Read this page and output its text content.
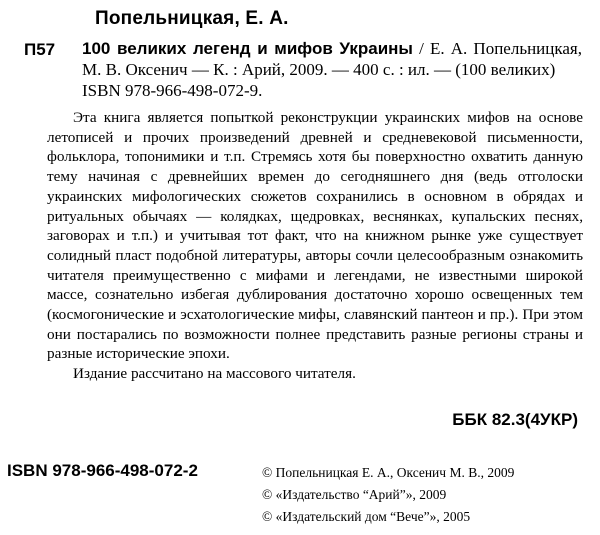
Попельницкая, Е. А.
П57 100 великих легенд и мифов Украины / Е. А. Попельницкая, М. В. Оксенич — К. : Арий, 2009. — 400 с. : ил. — (100 великих)
ISBN 978-966-498-072-9.

Эта книга является попыткой реконструкции украинских мифов на основе летописей и прочих произведений древней и средневековой письменности, фольклора, топонимики и т.п. Стремясь хотя бы поверхностно охватить данную тему начиная с древнейших времен до сегодняшнего дня (ведь отголоски украинских мифологических сюжетов сохранились в основном в обрядах и ритуальных обычаях — колядках, щедровках, веснянках, купальских песнях, заговорах и т.п.) и учитывая тот факт, что на книжном рынке уже существует солидный пласт подобной литературы, авторы сочли целесообразным ознакомить читателя преимущественно с мифами и легендами, не известными широкой массе, сознательно избегая дублирования достаточно хорошо освещенных тем (космогонические и эсхатологические мифы, славянский пантеон и пр.). При этом они постарались по возможности полнее представить разные регионы страны и разные исторические эпохи.

Издание рассчитано на массового читателя.

ББК 82.3(4УКР)
ISBN 978-966-498-072-2	© Попельницкая Е. А., Оксенич М. В., 2009
© «Издательство “Арий”», 2009
© «Издательский дом “Вече”», 2005
